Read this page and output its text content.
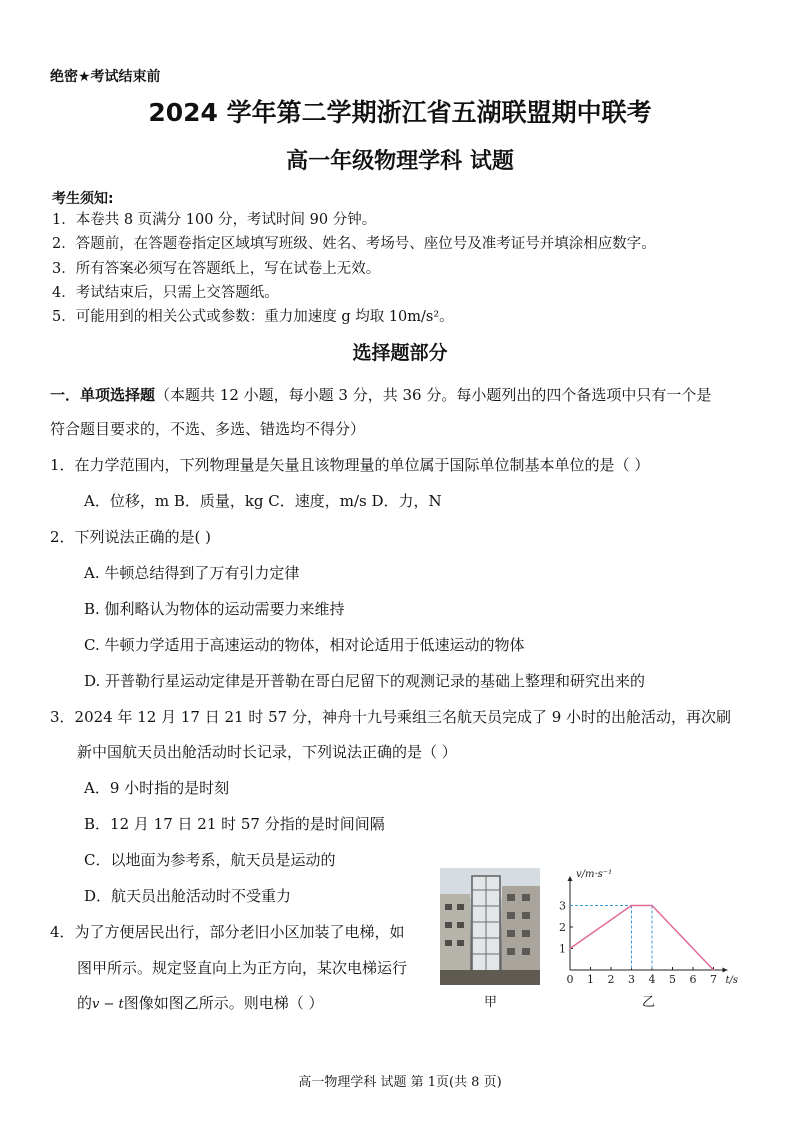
绝密★考试结束前
2024 学年第二学期浙江省五湖联盟期中联考
高一年级物理学科 试题
考生须知:
1．本卷共 8 页满分 100 分，考试时间 90 分钟。
2．答题前，在答题卷指定区域填写班级、姓名、考场号、座位号及准考证号并填涂相应数字。
3．所有答案必须写在答题纸上，写在试卷上无效。
4．考试结束后，只需上交答题纸。
5．可能用到的相关公式或参数：重力加速度 g 均取 10m/s²。
选择题部分
一．单项选择题（本题共 12 小题，每小题 3 分，共 36 分。每小题列出的四个备选项中只有一个是
符合题目要求的，不选、多选、错选均不得分）
1．在力学范围内，下列物理量是矢量且该物理量的单位属于国际单位制基本单位的是（ ）
A．位移，m B．质量，kg C．速度，m/s D．力，N
2．下列说法正确的是( )
A. 牛顿总结得到了万有引力定律
B. 伽利略认为物体的运动需要力来维持
C. 牛顿力学适用于高速运动的物体，相对论适用于低速运动的物体
D. 开普勒行星运动定律是开普勒在哥白尼留下的观测记录的基础上整理和研究出来的
3．2024 年 12 月 17 日 21 时 57 分，神舟十九号乘组三名航天员完成了 9 小时的出舱活动，再次刷
新中国航天员出舱活动时长记录，下列说法正确的是（ ）
A．9 小时指的是时刻
B．12 月 17 日 21 时 57 分指的是时间间隔
C．以地面为参考系，航天员是运动的
D．航天员出舱活动时不受重力
4．为了方便居民出行，部分老旧小区加装了电梯，如
图甲所示。规定竖直向上为正方向，某次电梯运行
的v − t图像如图乙所示。则电梯（ ）	甲
0 1 2 3 4 5 6 7
1
2
3
v/m·s⁻¹
t/s
乙
高一物理学科 试题 第 1页(共 8 页)
